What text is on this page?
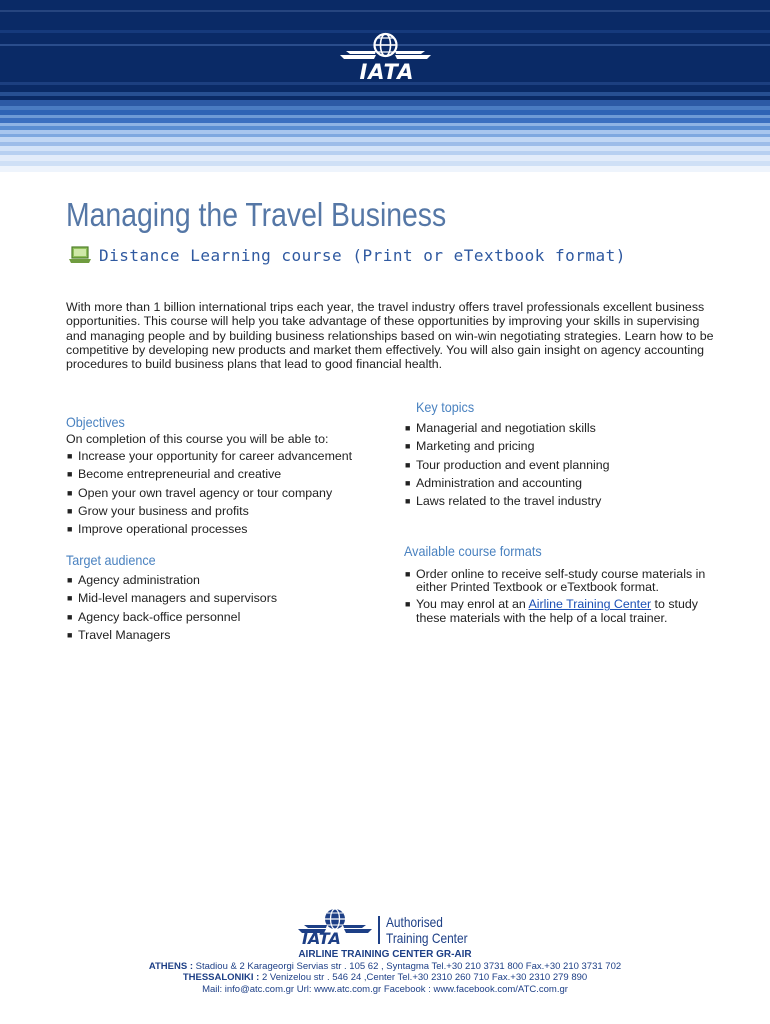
IATA
Managing the Travel Business
Distance Learning course (Print or eTextbook format)
With more than 1 billion international trips each year, the travel industry offers travel professionals excellent business opportunities. This course will help you take advantage of these opportunities by improving your skills in supervising and managing people and by building business relationships based on win-win negotiating strategies. Learn how to be competitive by developing new products and market them effectively. You will also gain insight on agency accounting procedures to build business plans that lead to good financial health.
Objectives
On completion of this course you will be able to:
■ Increase your opportunity for career advancement
■ Become entrepreneurial and creative
■ Open your own travel agency or tour company
■ Grow your business and profits
■ Improve operational processes
Target audience
■ Agency administration
■ Mid-level managers and supervisors
■ Agency back-office personnel
■ Travel Managers
Key topics
■ Managerial and negotiation skills
■ Marketing and pricing
■ Tour production and event planning
■ Administration and accounting
■ Laws related to the travel industry
Available course formats
■ Order online to receive self-study course materials in either Printed Textbook or eTextbook format.
■ You may enrol at an Airline Training Center to study these materials with the help of a local trainer.
IATA
Authorised
Training Center
AIRLINE TRAINING CENTER GR-AIR
ATHENS : Stadiou & 2 Karageorgi Servias str . 105 62 , Syntagma Tel.+30 210 3731 800 Fax.+30 210 3731 702
THESSALONIKI : 2 Venizelou str . 546 24 ,Center Tel.+30 2310 260 710 Fax.+30 2310 279 890
Mail: info@atc.com.gr Url: www.atc.com.gr Facebook : www.facebook.com/ATC.com.gr
